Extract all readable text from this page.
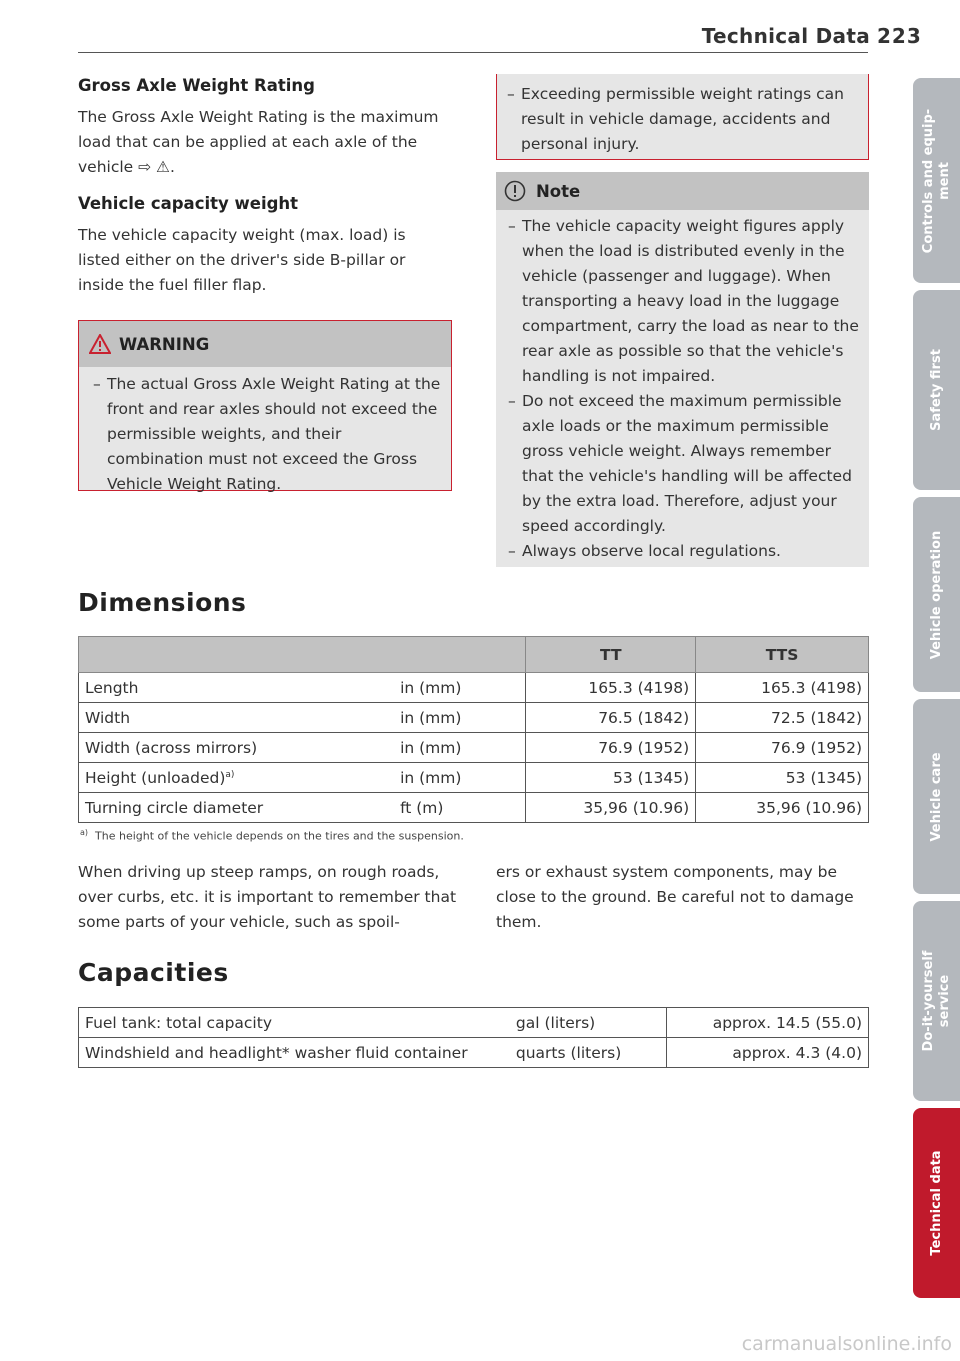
Technical Data 223

Gross Axle Weight Rating

The Gross Axle Weight Rating is the maximum load that can be applied at each axle of the vehicle ⇨ ⚠.

Vehicle capacity weight

The vehicle capacity weight (max. load) is listed either on the driver's side B-pillar or inside the fuel filler flap.

WARNING
– The actual Gross Axle Weight Rating at the front and rear axles should not exceed the permissible weights, and their combination must not exceed the Gross Vehicle Weight Rating.
– Exceeding permissible weight ratings can result in vehicle damage, accidents and personal injury.
Note
– The vehicle capacity weight figures apply when the load is distributed evenly in the vehicle (passenger and luggage). When transporting a heavy load in the luggage compartment, carry the load as near to the rear axle as possible so that the vehicle's handling is not impaired.
– Do not exceed the maximum permissible axle loads or the maximum permissible gross vehicle weight. Always remember that the vehicle's handling will be affected by the extra load. Therefore, adjust your speed accordingly.
– Always observe local regulations.
Dimensions
		TT	TTS
Length	in (mm)	165.3 (4198)	165.3 (4198)
Width	in (mm)	76.5 (1842)	72.5 (1842)
Width (across mirrors)	in (mm)	76.9 (1952)	76.9 (1952)
Height (unloaded)$^{a)}$	in (mm)	53 (1345)	53 (1345)
Turning circle diameter	ft (m)	35,96 (10.96)	35,96 (10.96)
$^{a)}$ The height of the vehicle depends on the tires and the suspension.
When driving up steep ramps, on rough roads, over curbs, etc. it is important to remember that some parts of your vehicle, such as spoil-
ers or exhaust system components, may be close to the ground. Be careful not to damage them.
Capacities
Fuel tank: total capacity	gal (liters)	approx. 14.5 (55.0)
Windshield and headlight* washer fluid container	quarts (liters)	approx. 4.3 (4.0)
Controls and equip- ment
Safety first
Vehicle operation
Vehicle care
Do-it-yourself service
Technical data
carmanualsonline.info
